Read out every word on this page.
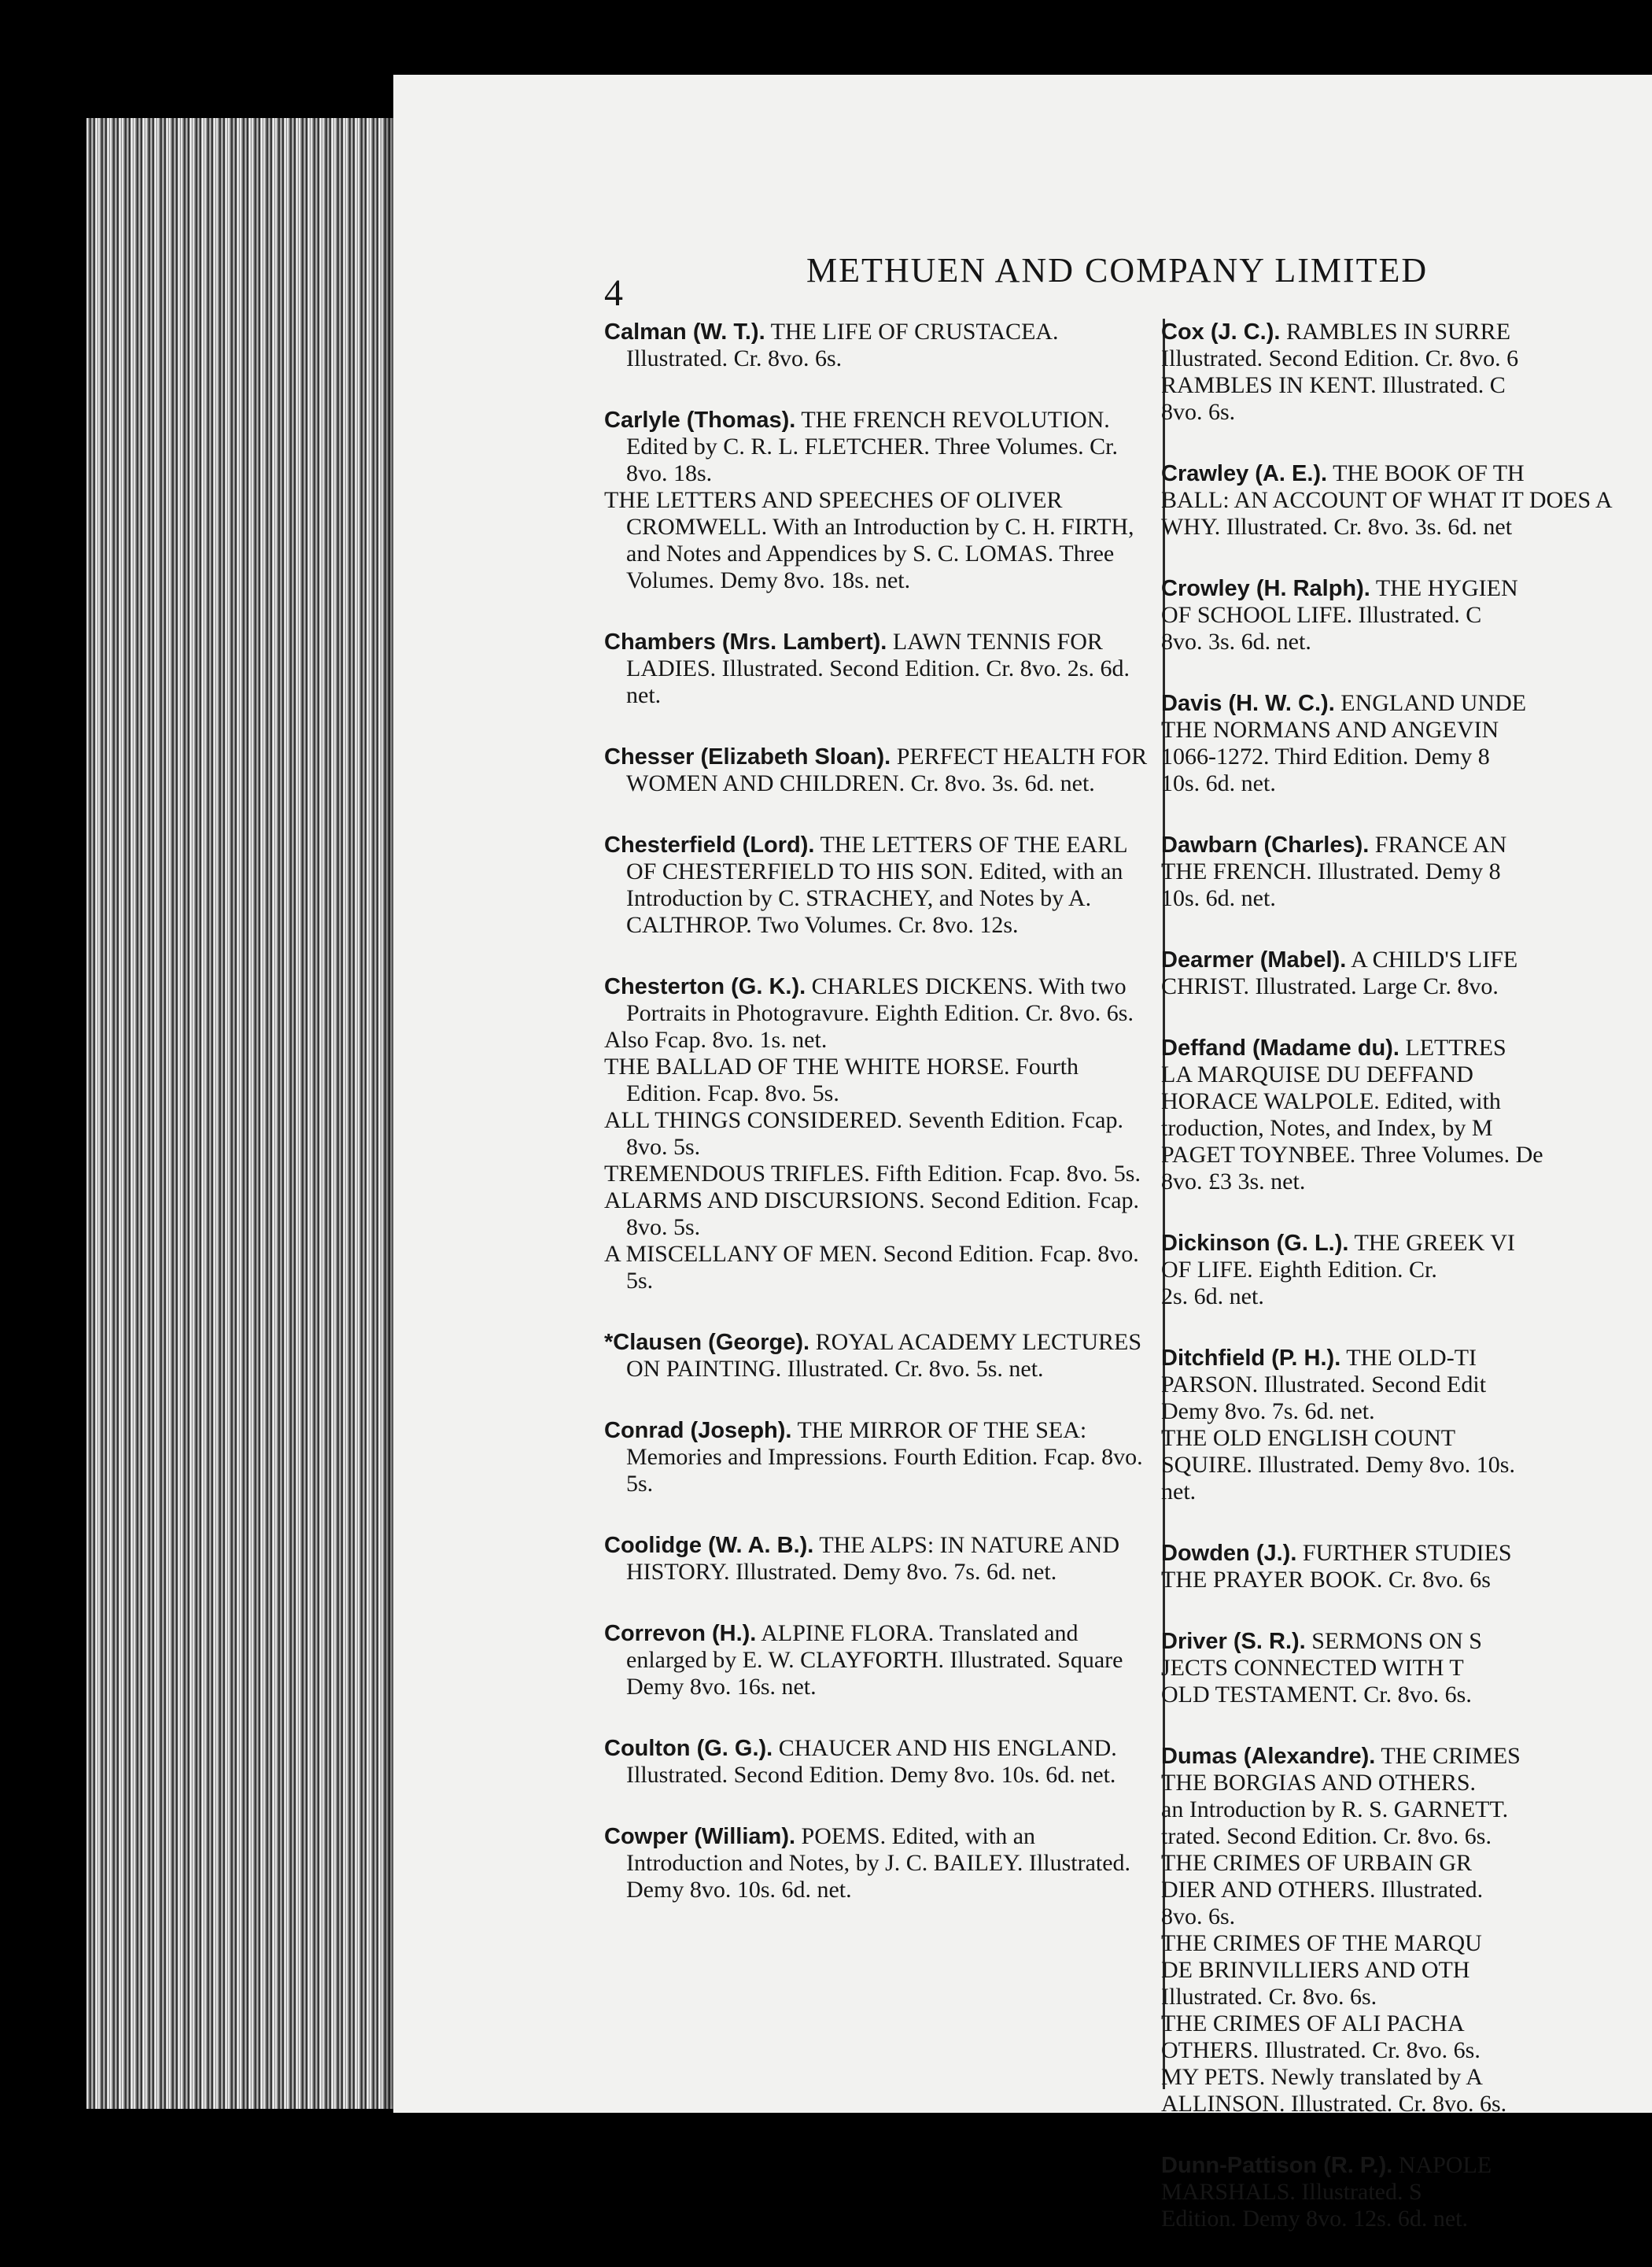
4
METHUEN AND COMPANY LIMITED

Calman (W. T.). THE LIFE OF CRUSTACEA. Illustrated. Cr. 8vo. 6s.

Carlyle (Thomas). THE FRENCH REVOLUTION. Edited by C. R. L. FLETCHER. Three Volumes. Cr. 8vo. 18s.

THE LETTERS AND SPEECHES OF OLIVER CROMWELL. With an Introduction by C. H. FIRTH, and Notes and Appendices by S. C. LOMAS. Three Volumes. Demy 8vo. 18s. net.

Chambers (Mrs. Lambert). LAWN TENNIS FOR LADIES. Illustrated. Second Edition. Cr. 8vo. 2s. 6d. net.

Chesser (Elizabeth Sloan). PERFECT HEALTH FOR WOMEN AND CHILDREN. Cr. 8vo. 3s. 6d. net.

Chesterfield (Lord). THE LETTERS OF THE EARL OF CHESTERFIELD TO HIS SON. Edited, with an Introduction by C. STRACHEY, and Notes by A. CALTHROP. Two Volumes. Cr. 8vo. 12s.

Chesterton (G. K.). CHARLES DICKENS. With two Portraits in Photogravure. Eighth Edition. Cr. 8vo. 6s.

Also Fcap. 8vo. 1s. net.

THE BALLAD OF THE WHITE HORSE. Fourth Edition. Fcap. 8vo. 5s.

ALL THINGS CONSIDERED. Seventh Edition. Fcap. 8vo. 5s.

TREMENDOUS TRIFLES. Fifth Edition. Fcap. 8vo. 5s.

ALARMS AND DISCURSIONS. Second Edition. Fcap. 8vo. 5s.

A MISCELLANY OF MEN. Second Edition. Fcap. 8vo. 5s.

*Clausen (George). ROYAL ACADEMY LECTURES ON PAINTING. Illustrated. Cr. 8vo. 5s. net.

Conrad (Joseph). THE MIRROR OF THE SEA: Memories and Impressions. Fourth Edition. Fcap. 8vo. 5s.

Coolidge (W. A. B.). THE ALPS: IN NATURE AND HISTORY. Illustrated. Demy 8vo. 7s. 6d. net.

Correvon (H.). ALPINE FLORA. Translated and enlarged by E. W. CLAYFORTH. Illustrated. Square Demy 8vo. 16s. net.

Coulton (G. G.). CHAUCER AND HIS ENGLAND. Illustrated. Second Edition. Demy 8vo. 10s. 6d. net.

Cowper (William). POEMS. Edited, with an Introduction and Notes, by J. C. BAILEY. Illustrated. Demy 8vo. 10s. 6d. net.

Cox (J. C.). RAMBLES IN SURRE

Illustrated. Second Edition. Cr. 8vo. 6

RAMBLES IN KENT. Illustrated. C

8vo. 6s.

Crawley (A. E.). THE BOOK OF TH

BALL: AN ACCOUNT OF WHAT IT DOES A

WHY. Illustrated. Cr. 8vo. 3s. 6d. net

Crowley (H. Ralph). THE HYGIEN

OF SCHOOL LIFE. Illustrated. C

8vo. 3s. 6d. net.

Davis (H. W. C.). ENGLAND UNDE

THE NORMANS AND ANGEVIN

1066-1272. Third Edition. Demy 8

10s. 6d. net.

Dawbarn (Charles). FRANCE AN

THE FRENCH. Illustrated. Demy 8

10s. 6d. net.

Dearmer (Mabel). A CHILD'S LIFE

CHRIST. Illustrated. Large Cr. 8vo.

Deffand (Madame du). LETTRES

LA MARQUISE DU DEFFAND

HORACE WALPOLE. Edited, with

troduction, Notes, and Index, by M

PAGET TOYNBEE. Three Volumes. De

8vo. £3 3s. net.

Dickinson (G. L.). THE GREEK VI

OF LIFE. Eighth Edition. Cr.

2s. 6d. net.

Ditchfield (P. H.). THE OLD-TI

PARSON. Illustrated. Second Edit

Demy 8vo. 7s. 6d. net.

THE OLD ENGLISH COUNT

SQUIRE. Illustrated. Demy 8vo. 10s.

net.

Dowden (J.). FURTHER STUDIES

THE PRAYER BOOK. Cr. 8vo. 6s

Driver (S. R.). SERMONS ON S

JECTS CONNECTED WITH T

OLD TESTAMENT. Cr. 8vo. 6s.

Dumas (Alexandre). THE CRIMES

THE BORGIAS AND OTHERS.

an Introduction by R. S. GARNETT.

trated. Second Edition. Cr. 8vo. 6s.

THE CRIMES OF URBAIN GR

DIER AND OTHERS. Illustrated.

8vo. 6s.

THE CRIMES OF THE MARQU

DE BRINVILLIERS AND OTH

Illustrated. Cr. 8vo. 6s.

THE CRIMES OF ALI PACHA

OTHERS. Illustrated. Cr. 8vo. 6s.

MY PETS. Newly translated by A

ALLINSON. Illustrated. Cr. 8vo. 6s.

Dunn-Pattison (R. P.). NAPOLE

MARSHALS. Illustrated. S

Edition. Demy 8vo. 12s. 6d. net.
